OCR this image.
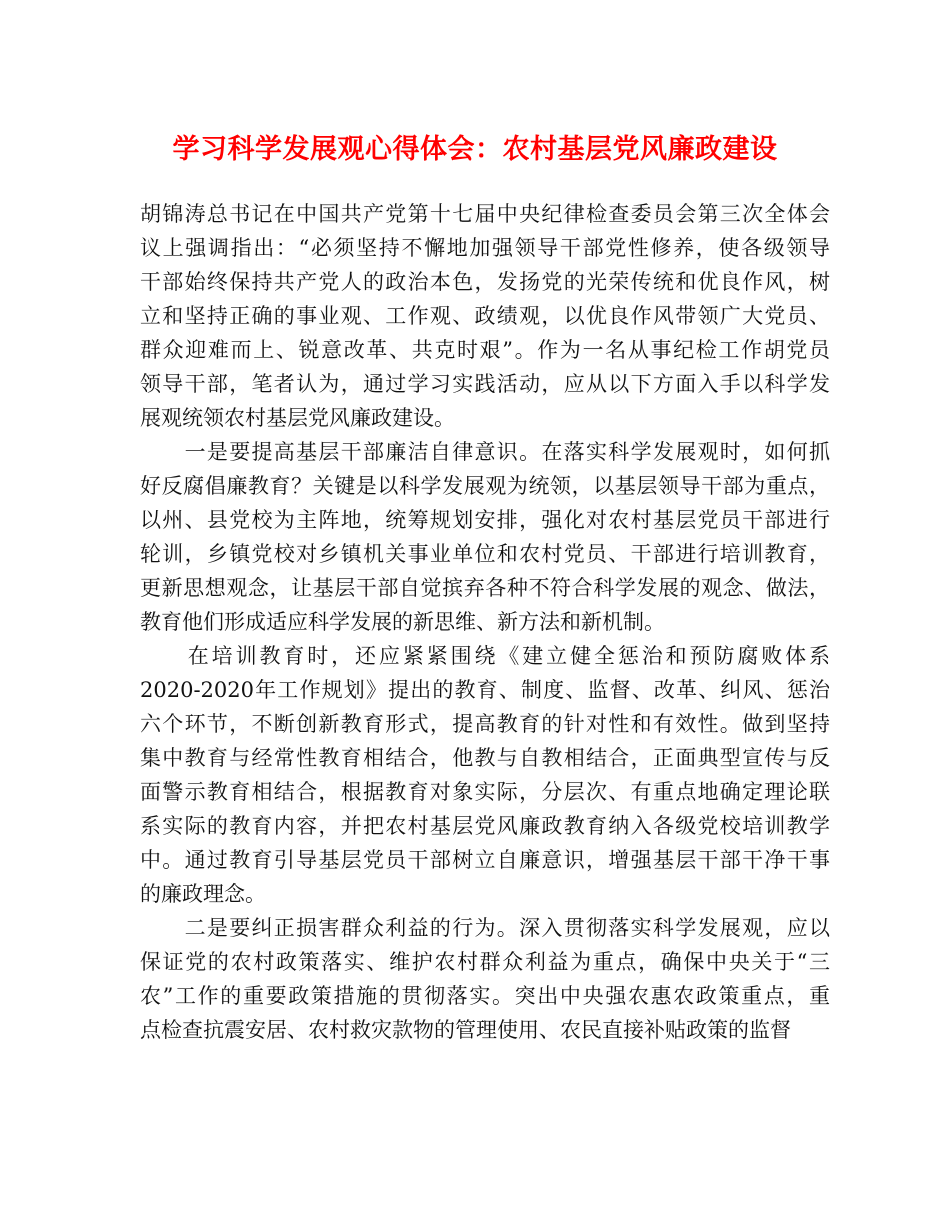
学习科学发展观心得体会：农村基层党风廉政建设
胡锦涛总书记在中国共产党第十七届中央纪律检查委员会第三次全体会
议上强调指出：“必须坚持不懈地加强领导干部党性修养，使各级领导
干部始终保持共产党人的政治本色，发扬党的光荣传统和优良作风，树
立和坚持正确的事业观、工作观、政绩观，以优良作风带领广大党员、
群众迎难而上、锐意改革、共克时艰”。作为一名从事纪检工作胡党员
领导干部，笔者认为，通过学习实践活动，应从以下方面入手以科学发
展观统领农村基层党风廉政建设。
　　一是要提高基层干部廉洁自律意识。在落实科学发展观时，如何抓
好反腐倡廉教育？关键是以科学发展观为统领，以基层领导干部为重点，
以州、县党校为主阵地，统筹规划安排，强化对农村基层党员干部进行
轮训，乡镇党校对乡镇机关事业单位和农村党员、干部进行培训教育，
更新思想观念，让基层干部自觉摈弃各种不符合科学发展的观念、做法，
教育他们形成适应科学发展的新思维、新方法和新机制。
　　在培训教育时，还应紧紧围绕《建立健全惩治和预防腐败体系
2020-2020年工作规划》提出的教育、制度、监督、改革、纠风、惩治
六个环节，不断创新教育形式，提高教育的针对性和有效性。做到坚持
集中教育与经常性教育相结合，他教与自教相结合，正面典型宣传与反
面警示教育相结合，根据教育对象实际，分层次、有重点地确定理论联
系实际的教育内容，并把农村基层党风廉政教育纳入各级党校培训教学
中。通过教育引导基层党员干部树立自廉意识，增强基层干部干净干事
的廉政理念。
　　二是要纠正损害群众利益的行为。深入贯彻落实科学发展观，应以
保证党的农村政策落实、维护农村群众利益为重点，确保中央关于“三
农”工作的重要政策措施的贯彻落实。突出中央强农惠农政策重点，重
点检查抗震安居、农村救灾款物的管理使用、农民直接补贴政策的监督
